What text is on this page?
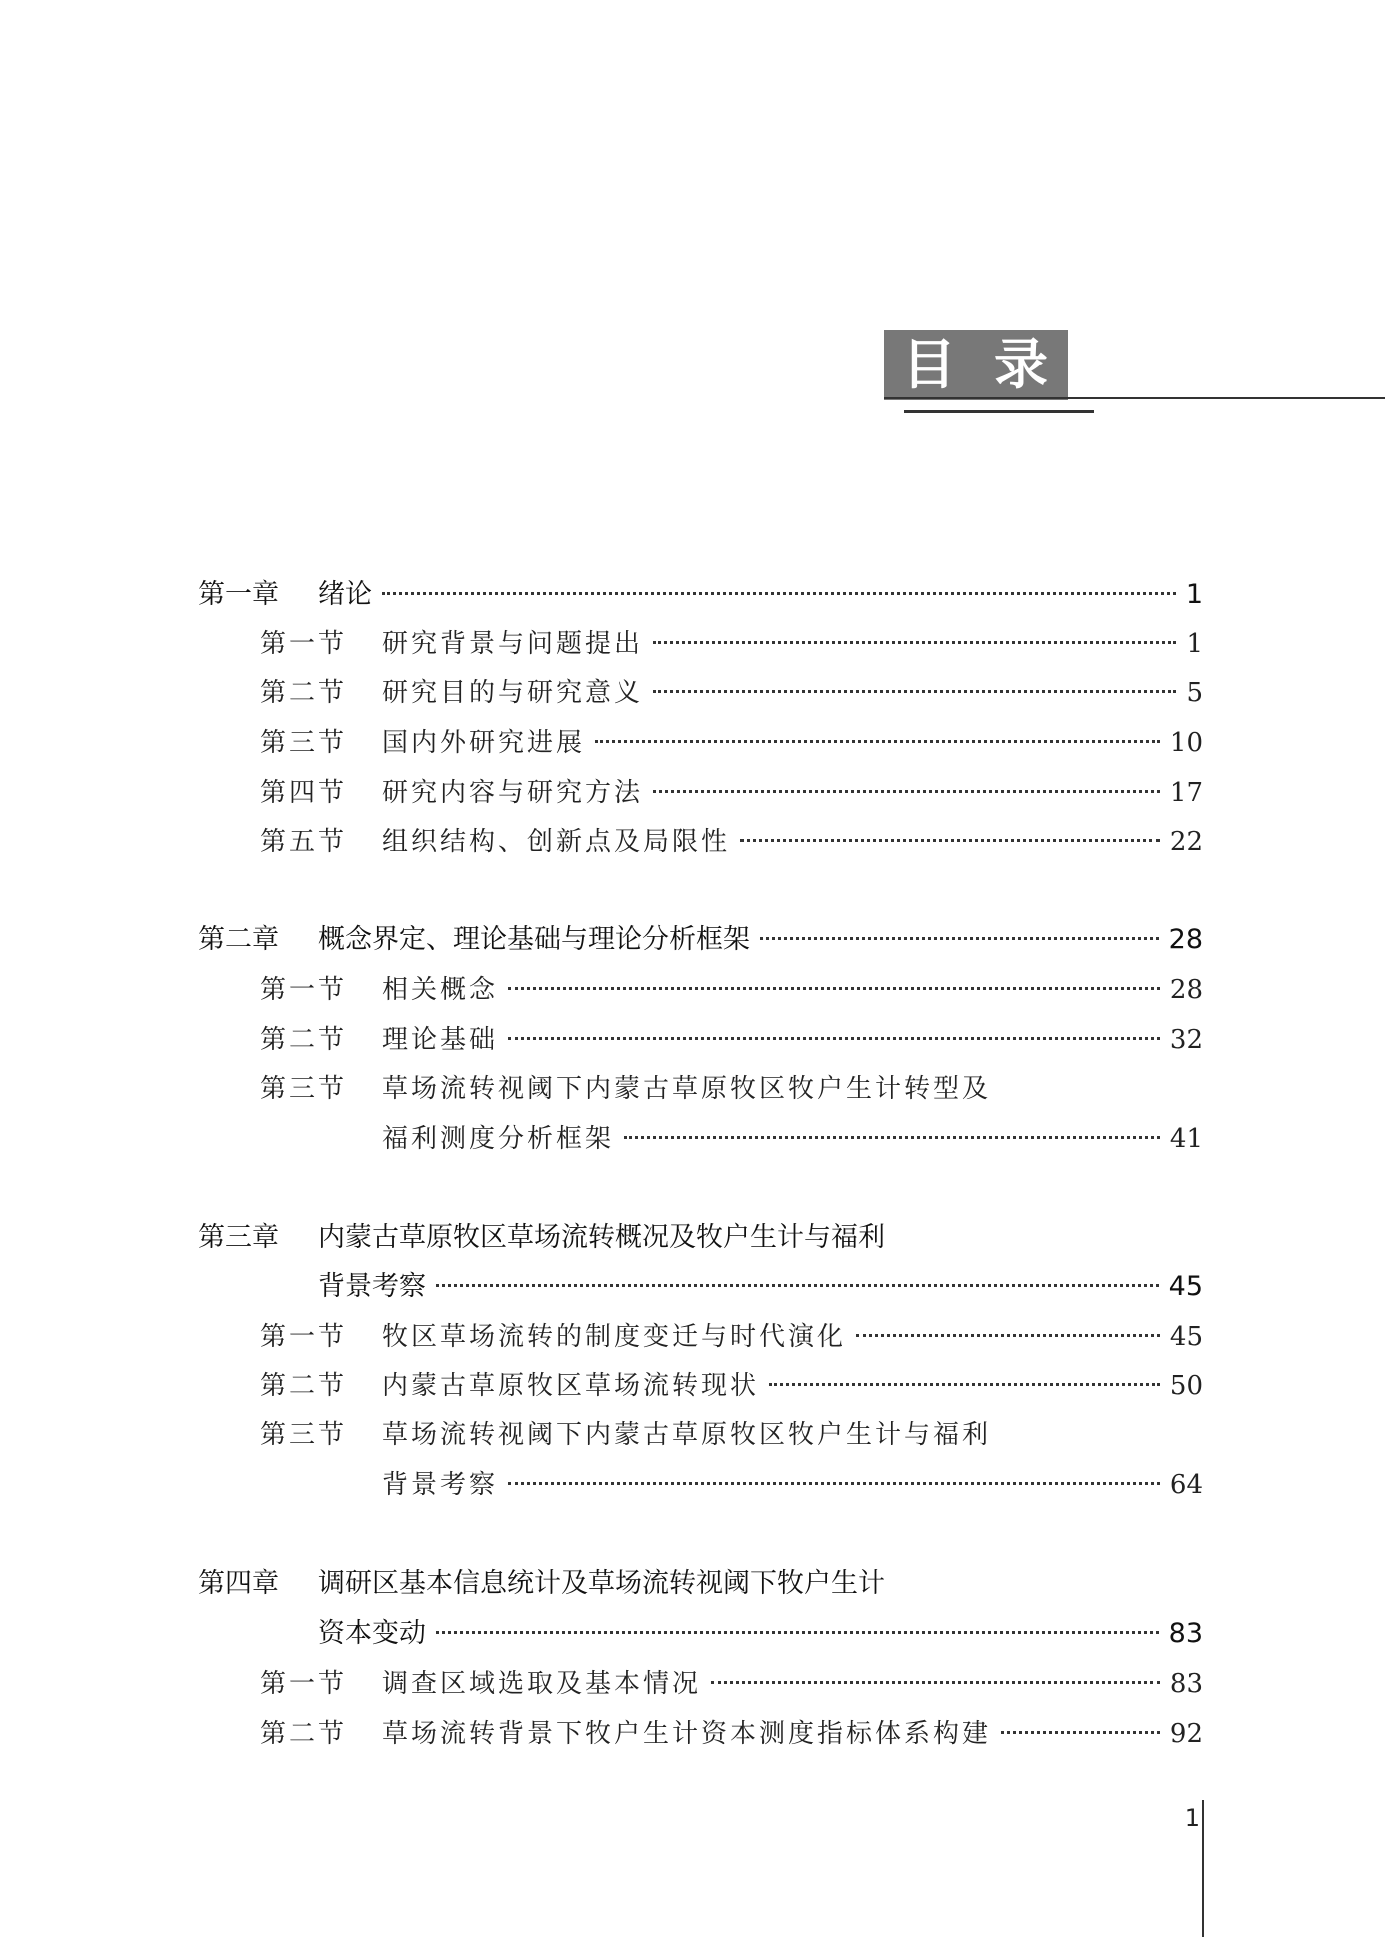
目 录
第一章	绪论	1
第一节	研究背景与问题提出	1
第二节	研究目的与研究意义	5
第三节	国内外研究进展	10
第四节	研究内容与研究方法	17
第五节	组织结构、创新点及局限性	22
第二章	概念界定、理论基础与理论分析框架	28
第一节	相关概念	28
第二节	理论基础	32
第三节	草场流转视阈下内蒙古草原牧区牧户生计转型及
福利测度分析框架	41
第三章	内蒙古草原牧区草场流转概况及牧户生计与福利
背景考察	45
第一节	牧区草场流转的制度变迁与时代演化	45
第二节	内蒙古草原牧区草场流转现状	50
第三节	草场流转视阈下内蒙古草原牧区牧户生计与福利
背景考察	64
第四章	调研区基本信息统计及草场流转视阈下牧户生计
资本变动	83
第一节	调查区域选取及基本情况	83
第二节	草场流转背景下牧户生计资本测度指标体系构建	92
1
